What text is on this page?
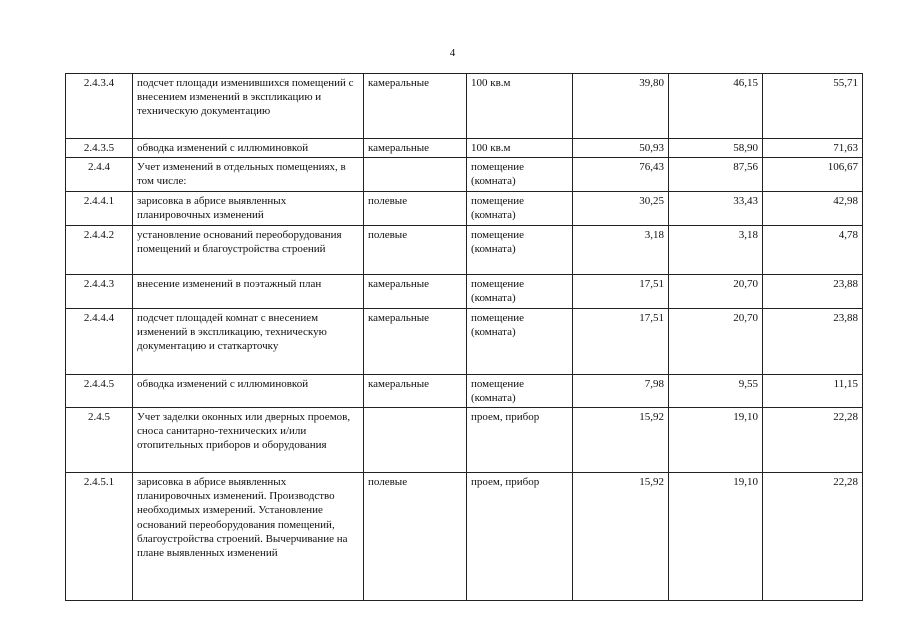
4
2.4.3.4	подсчет площади изменившихся помещений с внесением изменений в экспликацию и техническую документацию	камеральные	100 кв.м	39,80	46,15	55,71
2.4.3.5	обводка изменений с иллюминовкой	камеральные	100 кв.м	50,93	58,90	71,63
2.4.4	Учет изменений в отдельных помещениях, в том числе:		помещение (комната)	76,43	87,56	106,67
2.4.4.1	зарисовка в абрисе выявленных планировочных изменений	полевые	помещение (комната)	30,25	33,43	42,98
2.4.4.2	установление оснований переоборудования помещений и благоустройства строений	полевые	помещение (комната)	3,18	3,18	4,78
2.4.4.3	внесение изменений в поэтажный план	камеральные	помещение (комната)	17,51	20,70	23,88
2.4.4.4	подсчет площадей комнат с внесением изменений в экспликацию, техническую документацию и статкарточку	камеральные	помещение (комната)	17,51	20,70	23,88
2.4.4.5	обводка изменений с иллюминовкой	камеральные	помещение (комната)	7,98	9,55	11,15
2.4.5	Учет заделки оконных или дверных проемов, сноса санитарно-технических и/или отопительных приборов и оборудования		проем, прибор	15,92	19,10	22,28
2.4.5.1	зарисовка в абрисе выявленных планировочных изменений. Производство необходимых измерений. Установление оснований переоборудования помещений, благоустройства строений. Вычерчивание на плане выявленных изменений	полевые	проем, прибор	15,92	19,10	22,28
